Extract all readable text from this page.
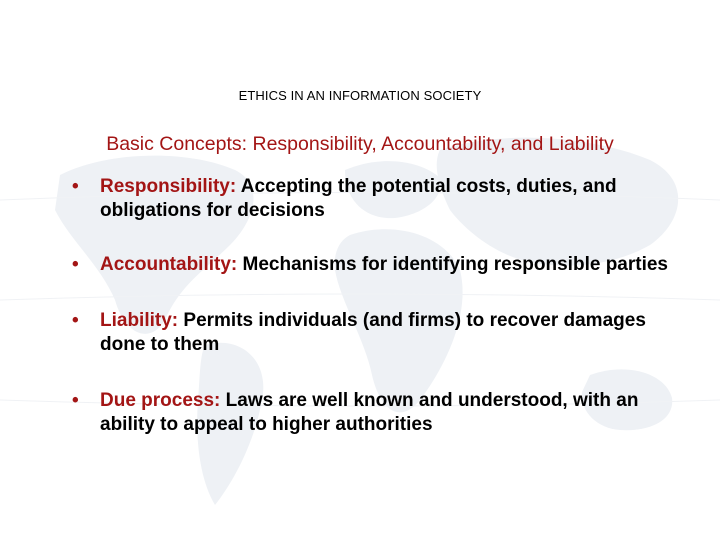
ETHICS IN AN INFORMATION SOCIETY
Basic Concepts: Responsibility, Accountability, and Liability
• Responsibility: Accepting the potential costs, duties, and obligations for decisions
• Accountability: Mechanisms for identifying responsible parties
• Liability: Permits individuals (and firms) to recover damages done to them
• Due process: Laws are well known and understood, with an ability to appeal to higher authorities
